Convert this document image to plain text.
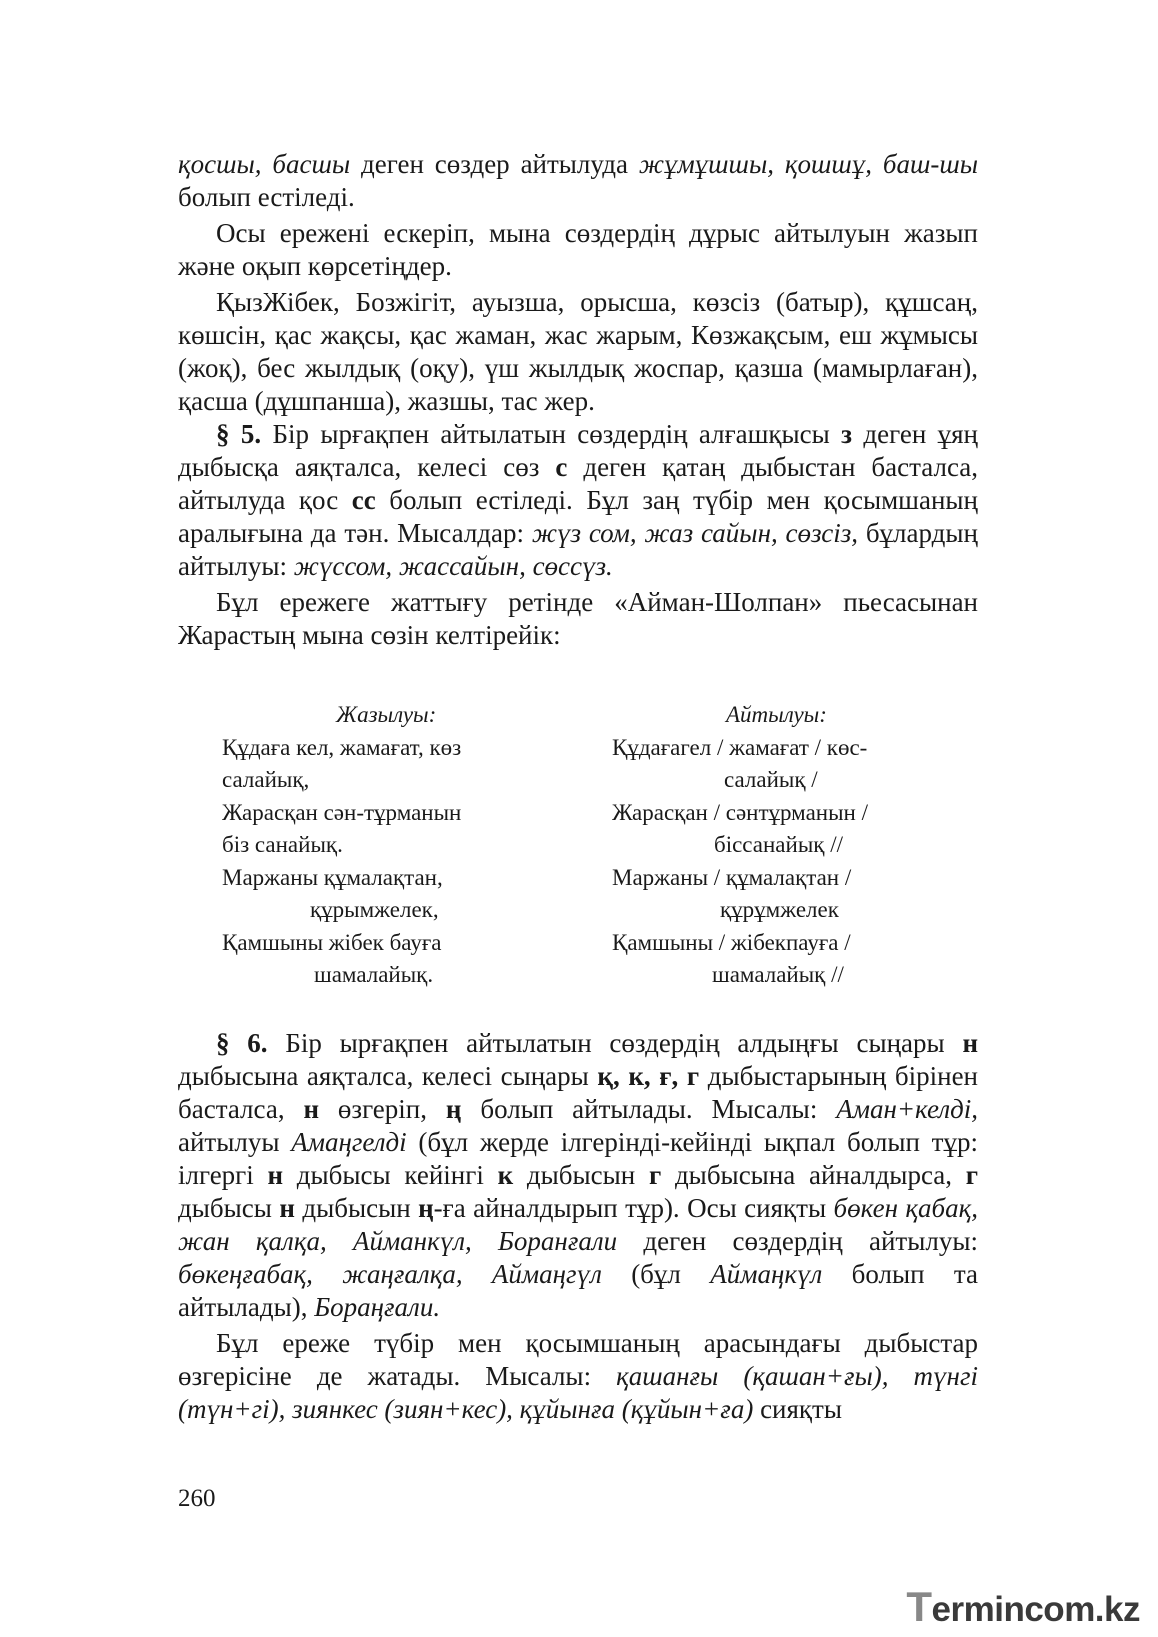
қосшы, басшы деген сөздер айтылуда жұмұшшы, қошшұ, баш-шы болып естіледі.

Осы ережені ескеріп, мына сөздердің дұрыс айтылуын жазып және оқып көрсетіңдер.

ҚызЖібек, Бозжігіт, ауызша, орысша, көзсіз (батыр), құшсаң, көшсін, қас жақсы, қас жаман, жас жарым, Көзжақсым, еш жұмысы (жоқ), бес жылдық (оқу), үш жылдық жоспар, қазша (мамырлаған), қасша (дұшпанша), жазшы, тас жер.

§ 5. Бір ырғақпен айтылатын сөздердің алғашқысы з деген ұяң дыбысқа аяқталса, келесі сөз с деген қатаң дыбыстан басталса, айтылуда қос сс болып естіледі. Бұл заң түбір мен қосымшаның аралығына да тән. Мысалдар: жүз сом, жаз сайын, сөзсіз, бұлардың айтылуы: жүссом, жассайын, сөссүз.

Бұл ережеге жаттығу ретінде «Айман-Шолпан» пьесасынан Жарастың мына сөзін келтірейік:

Жазылуы:
Құдаға кел, жамағат, көз
салайық,
Жарасқан сән-тұрманын
біз санайық.
Маржаны құмалақтан,
құрымжелек,
Қамшыны жібек бауға
шамалайық.
Айтылуы:
Құдағагел / жамағат / көс-
салайық /
Жарасқан / сәнтұрманын /
біссанайық //
Маржаны / құмалақтан /
құрұмжелек
Қамшыны / жібекпауға /
шамалайық //

§ 6. Бір ырғақпен айтылатын сөздердің алдыңғы сыңары н дыбысына аяқталса, келесі сыңары қ, к, ғ, г дыбыстарының бірінен басталса, н өзгеріп, ң болып айтылады. Мысалы: Аман+келді, айтылуы Амаңгелді (бұл жерде ілгерінді-кейінді ықпал болып тұр: ілгергі н дыбысы кейінгі к дыбысын г дыбысына айналдырса, г дыбысы н дыбысын ң-ға айналдырып тұр). Осы сияқты бөкен қабақ, жан қалқа, Айманкүл, Боранғали деген сөздердің айтылуы: бөкеңғабақ, жаңғалқа, Аймаңгүл (бұл Аймаңкүл болып та айтылады), Бораңғали.

Бұл ереже түбір мен қосымшаның арасындағы дыбыстар өзгерісіне де жатады. Мысалы: қашанғы (қашан+ғы), түнгі (түн+гі), зиянкес (зиян+кес), құйынға (құйын+ға) сияқты

260
Termincоm.kz
